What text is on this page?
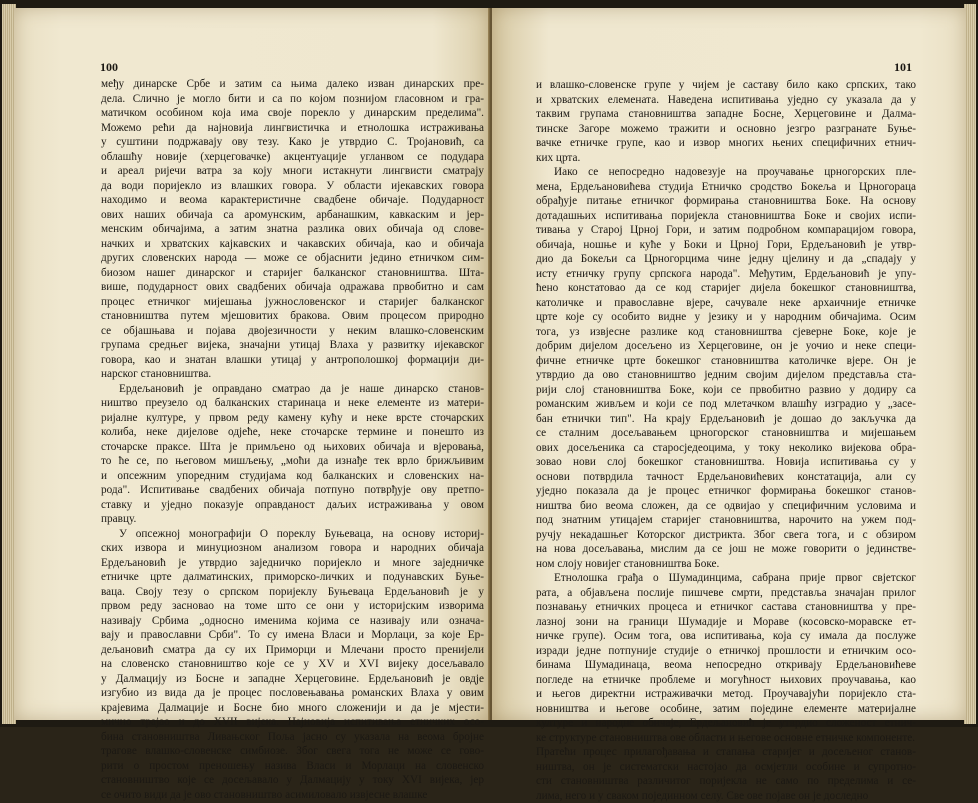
100
међу динарске Србе и затим са њима далеко изван динарских пре-
дела. Слично је могло бити и са по којом познијом гласовном и гра-
матичком особином која има своје порекло у динарским пределима".
Можемо рећи да најновија лингвистичка и етнолошка истраживања
у суштини подржавају ову тезу. Како је утврдио С. Тројановић, са
облашћу новије (херцеговачке) акцентуације угланвом се подудара
и ареал ријечи ватра за коју многи истакнути лингвисти сматрају
да води поријекло из влашких говора. У области ијекавских говора
находимо и веома карактеристичне свадбене обичаје. Подударност
ових наших обичаја са аромунским, арбанашким, кавкаским и јер-
менским обичајима, а затим знатна разлика ових обичаја од слове-
начких и хрватских кајкавских и чакавских обичаја, као и обичаја
других словенских народа — може се објаснити једино етничком сим-
биозом нашег динарског и старијег балканског становништва. Шта-
више, подударност ових свадбених обичаја одражава првобитно и сам
процес етничког мијешања јужнословенског и старијег балканског
становништва путем мјешовитих бракова. Овим процесом природно
се објашњава и појава двојезичности у неким влашко-словенским
групама средњег вијека, значајни утицај Влаха у развитку ијекавског
говора, као и знатан влашки утицај у антрополошкој формацији ди-
нарског становништва.
Ердељановић је оправдано сматрао да је наше динарско станов-
ништво преузело од балканских старинаца и неке елементе из матери-
ријалне културе, у првом реду камену кућу и неке врсте сточарских
колиба, неке дијелове одјеће, неке сточарске термине и понешто из
сточарске праксе. Шта је примљено од њихових обичаја и вјеровања,
то ће се, по његовом мишљењу, „моћи да изнађе тек врло брижљивим
и опсежним упоредним студијама код балканских и словенских на-
рода". Испитивање свадбених обичаја потпуно потврђује ову претпо-
ставку и уједно показује оправданост даљих истраживања у овом
правцу.
У опсежној монографији О пореклу Буњеваца, на основу историј-
ских извора и минуциозном анализом говора и народних обичаја
Ердељановић је утврдио заједничко поријекло и многе заједничке
етничке црте далматинских, приморско-личких и подунавских Буње-
ваца. Своју тезу о српском поријеклу Буњеваца Ердељановић је у
првом реду засновао на томе што се они у историјским изворима
називају Србима „односно именима којима се називају или означа-
вају и православни Срби". То су имена Власи и Морлаци, за које Ер-
дељановић сматра да су их Приморци и Млечани просто пренијели
на словенско становништво које се у XV и XVI вијеку досељавало
у Далмацију из Босне и западне Херцеговине. Ердељановић је овдје
изгубио из вида да је процес пословењавања романских Влаха у овим
крајевима Далмације и Босне био много сложенији и да је мјести-
мично трајао и до XVII вијека. Најновија испитивања етничких осо-
бина становништва Ливањског Поља јасно су указала на веома бројне
трагове влашко-словенске симбиозе. Због свега тога не може се гово-
рити о простом преношењу назива Власи и Морлаци на словенско
становништво које се досељавало у Далмацију у току XVI вијека, јер
се очито види да је ово становништво асимиловало извјесне влашке
101
и влашко-словенске групе у чијем је саставу било како српских, тако
и хрватских елемената. Наведена испитивања уједно су указала да у
таквим групама становништва западне Босне, Херцеговине и Далма-
тинске Загоре можемо тражити и основно језгро разгранате Буње-
вачке етничке групе, као и извор многих њених специфичних етнич-
ких црта.
Иако се непосредно надовезује на проучавање црногорских пле-
мена, Ердељановићева студија Етничко сродство Бокеља и Црногораца
обрађује питање етничког формирања становништва Боке. На основу
дотадашњих испитивања поријекла становништва Боке и својих испи-
тивања у Старој Црној Гори, и затим подробном компарацијом говора,
обичаја, ношње и куће у Боки и Црној Гори, Ердељановић је утвр-
дио да Бокељи са Црногорцима чине једну цјелину и да „спадају у
исту етничку групу српскога народа". Међутим, Ердељановић је упу-
ћено констатовао да се код старијег дијела бокешког становништва,
католичке и православне вјере, сачувале неке архаичније етничке
црте које су особито видне у језику и у народним обичајима. Осим
тога, уз извјесне разлике код становништва сјеверне Боке, које је
добрим дијелом досељено из Херцеговине, он је уочио и неке специ-
фичне етничке црте бокешког становништва католичке вјере. Он је
утврдио да ово становништво једним својим дијелом представља ста-
рији слој становништва Боке, који се првобитно развио у додиру са
романским живљем и који се под млетачком влашћу изградио у „засе-
бан етнички тип". На крају Ердељановић је дошао до закључка да
се сталним досељавањем црногорског становништва и мијешањем
ових досељеника са старосједеоцима, у току неколико вијекова обра-
зовао нови слој бокешког становништва. Новија испитивања су у
основи потврдила тачност Ердељановићевих констатација, али су
уједно показала да је процес етничког формирања бокешког станов-
ништва био веома сложен, да се одвијао у специфичним условима и
под знатним утицајем старијег становништва, нарочито на ужем под-
ручју некадашњег Которског дистрикта. Због свега тога, и с обзиром
на нова досељавања, мислим да се још не може говорити о јединстве-
ном слоју новијег становништва Боке.
Етнолошка грађа о Шумадинцима, сабрана прије првог свјетског
рата, а објављена послије пишчеве смрти, представља значајан прилог
познавању етничких процеса и етничког састава становништва у пре-
лазној зони на граници Шумадије и Мораве (косовско-моравске ет-
ничке групе). Осим тога, ова испитивања, која су имала да послуже
изради једне потпуније студије о етничкој прошлости и етничким осо-
бинама Шумадинаца, веома непосредно откривају Ердељановићеве
погледе на етничке проблеме и могућност њихових проучавања, као
и његов директни истраживачки метод. Проучавајући поријекло ста-
новништва и његове особине, затим поједине елементе материјалне
културе и народне обичаје, Ердељановић је утврдио сложеност етнич-
ке структуре становништва ове области и његове основне етничке компоненте.
Пратећи процес прилагођавања и стапања старијег и досељеног станов-
ништва, он је систематски настојао да осмјетли особине и супротно-
сти становништва различитог поријекла не само по пределима и се-
лима, него и у сваком појединном селу. Све ове појаве он је доследно
